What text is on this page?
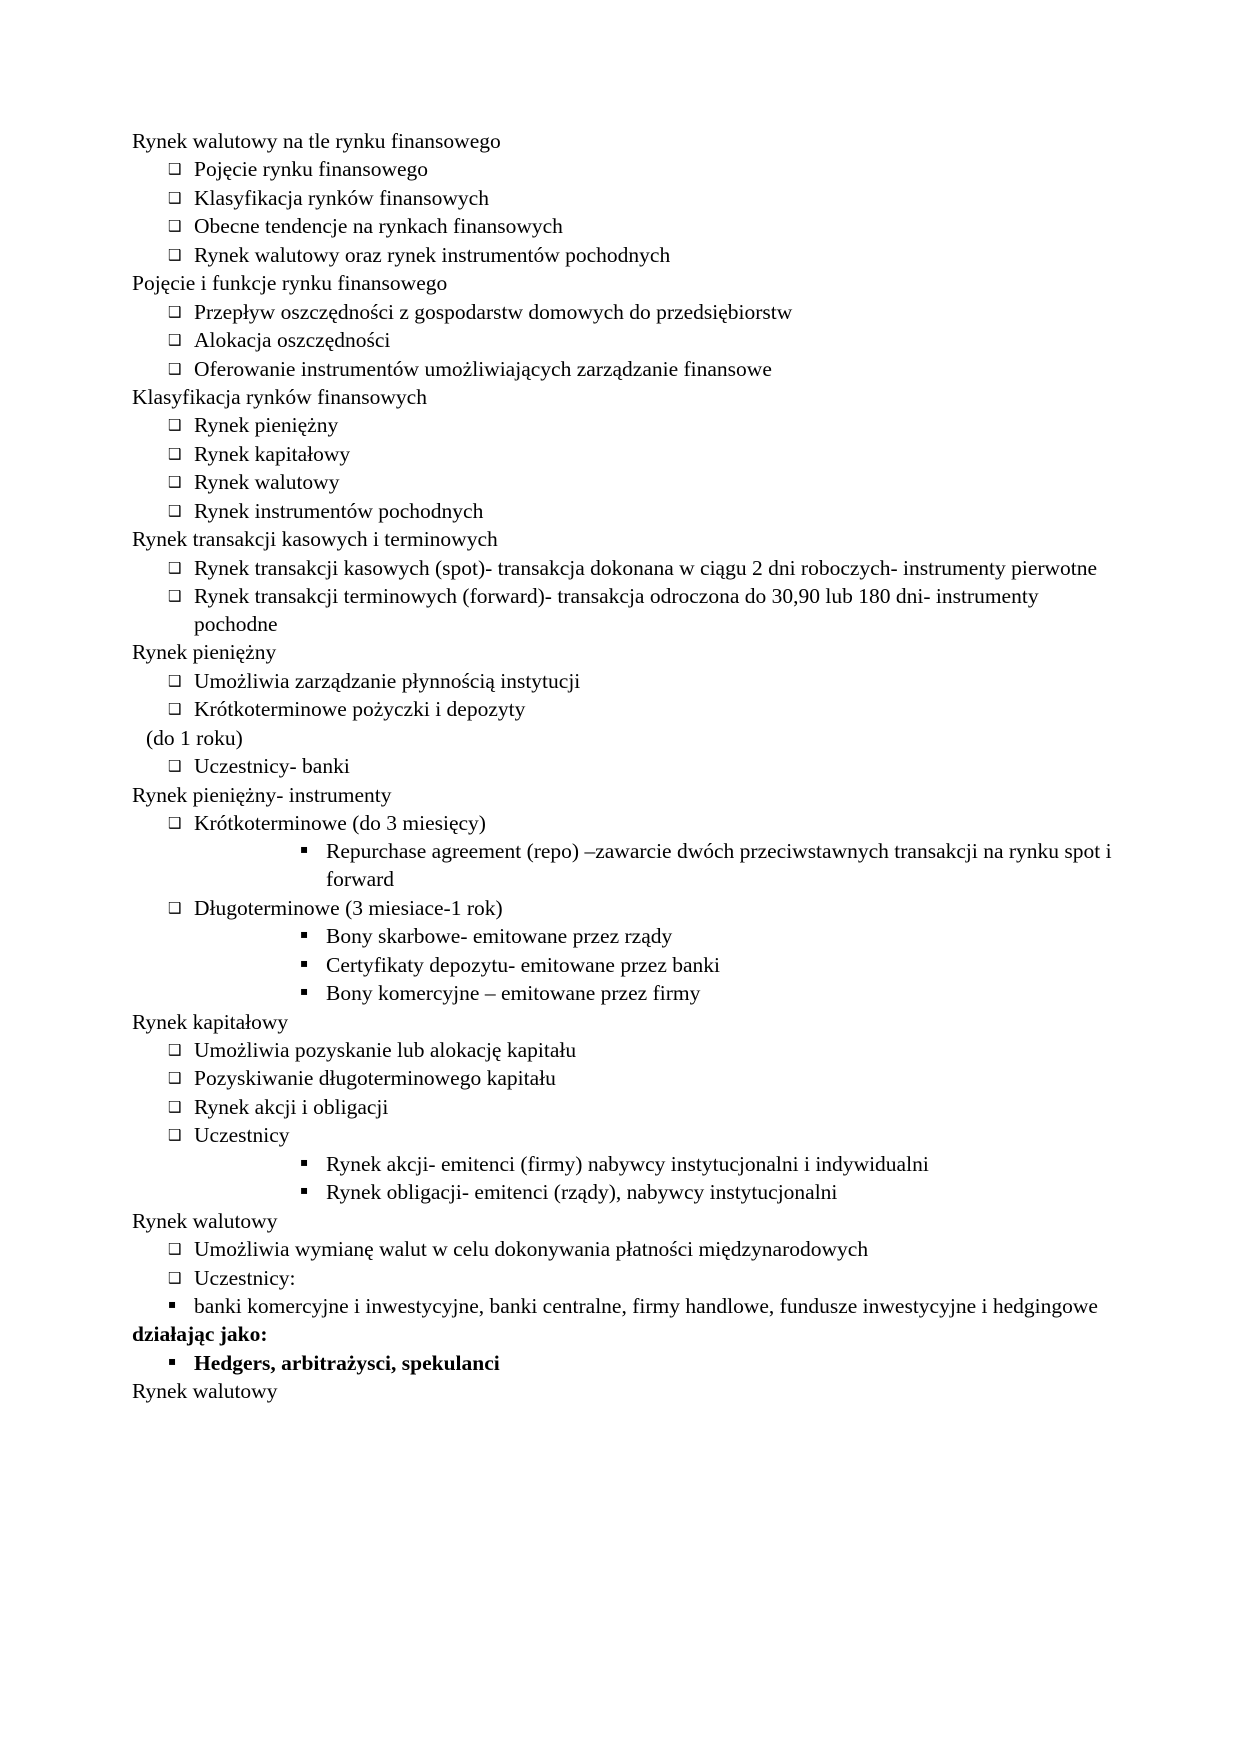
Rynek walutowy na tle rynku finansowego
❑ Pojęcie rynku finansowego
❑ Klasyfikacja rynków finansowych
❑ Obecne tendencje na rynkach finansowych
❑ Rynek walutowy oraz rynek instrumentów pochodnych
Pojęcie i funkcje rynku finansowego
❑ Przepływ oszczędności z gospodarstw domowych do przedsiębiorstw
❑ Alokacja oszczędności
❑ Oferowanie instrumentów umożliwiających zarządzanie finansowe
Klasyfikacja rynków finansowych
❑ Rynek pieniężny
❑ Rynek kapitałowy
❑ Rynek walutowy
❑ Rynek instrumentów pochodnych
Rynek transakcji kasowych i terminowych
❑ Rynek transakcji kasowych (spot)- transakcja dokonana w ciągu 2 dni roboczych- instrumenty pierwotne
❑ Rynek transakcji terminowych (forward)- transakcja odroczona do 30,90 lub 180 dni- instrumenty pochodne
Rynek pieniężny
❑ Umożliwia zarządzanie płynnością instytucji
❑ Krótkoterminowe pożyczki i depozyty
(do 1 roku)
❑ Uczestnicy- banki
Rynek pieniężny- instrumenty
❑ Krótkoterminowe (do 3 miesięcy)
▪ Repurchase agreement (repo) –zawarcie dwóch przeciwstawnych transakcji na rynku spot i forward
❑ Długoterminowe (3 miesiace-1 rok)
▪ Bony skarbowe- emitowane przez rządy
▪ Certyfikaty depozytu- emitowane przez banki
▪ Bony komercyjne – emitowane przez firmy
Rynek kapitałowy
❑ Umożliwia pozyskanie lub alokację kapitału
❑ Pozyskiwanie długoterminowego kapitału
❑ Rynek akcji i obligacji
❑ Uczestnicy
▪ Rynek akcji- emitenci (firmy) nabywcy instytucjonalni i indywidualni
▪ Rynek obligacji- emitenci (rządy), nabywcy instytucjonalni
Rynek walutowy
❑ Umożliwia wymianę walut w celu dokonywania płatności międzynarodowych
❑ Uczestnicy:
▪ banki komercyjne i inwestycyjne, banki centralne, firmy handlowe, fundusze inwestycyjne i hedgingowe
działając jako:
▪ Hedgers, arbitrażysci, spekulanci
Rynek walutowy
